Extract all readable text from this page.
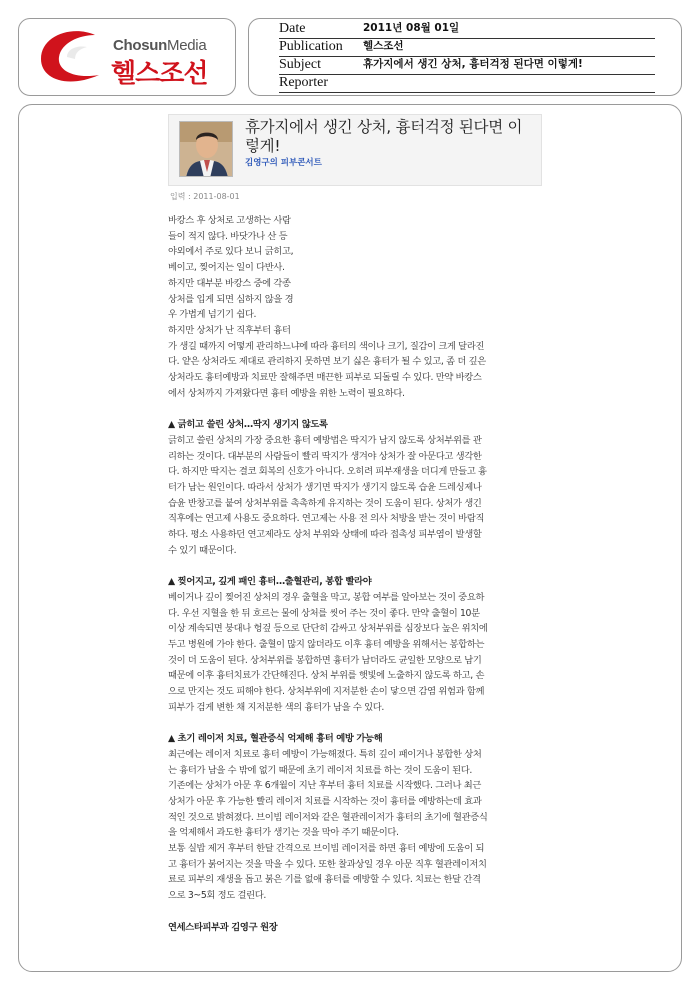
ChosunMedia
헬스조선
Date	2011년 08월 01일
Publication	헬스조선
Subject	휴가지에서 생긴 상처, 흉터걱정 된다면 이렇게!
Reporter
휴가지에서 생긴 상처, 흉터걱정 된다면 이
렇게!
김영구의 피부콘서트
입력 : 2011-08-01

바캉스 후 상처로 고생하는 사람

들이 적지 않다. 바닷가나 산 등

야외에서 주로 있다 보니 긁히고,

베이고, 찢어지는 일이 다반사.

하지만 대부분 바캉스 중에 각종

상처를 입게 되면 심하지 않을 경

우 가볍게 넘기기 쉽다.

하지만 상처가 난 직후부터 흉터

가 생길 때까지 어떻게 관리하느냐에 따라 흉터의 색이나 크기, 질감이 크게 달라진

다. 얕은 상처라도 제대로 관리하지 못하면 보기 싫은 흉터가 될 수 있고, 좀 더 깊은

상처라도 흉터예방과 치료만 잘해주면 매끈한 피부로 되돌릴 수 있다. 만약 바캉스

에서 상처까지 가져왔다면 흉터 예방을 위한 노력이 필요하다.

▲ 긁히고 쓸린 상처…딱지 생기지 않도록

긁히고 쓸린 상처의 가장 중요한 흉터 예방법은 딱지가 남지 않도록 상처부위를 관

리하는 것이다. 대부분의 사람들이 빨리 딱지가 생겨야 상처가 잘 아문다고 생각한

다. 하지만 딱지는 결코 회복의 신호가 아니다. 오히려 피부재생을 더디게 만들고 흉

터가 남는 원인이다. 따라서 상처가 생기면 딱지가 생기지 않도록 습윤 드레싱제나

습윤 반창고를 붙여 상처부위를 촉촉하게 유지하는 것이 도움이 된다. 상처가 생긴

직후에는 연고제 사용도 중요하다. 연고제는 사용 전 의사 처방을 받는 것이 바람직

하다. 평소 사용하던 연고제라도 상처 부위와 상태에 따라 접촉성 피부염이 발생할

수 있기 때문이다.

▲ 찢어지고, 깊게 패인 흉터…출혈관리, 봉합 빨라야

베이거나 깊이 찢어진 상처의 경우 출혈을 막고, 봉합 여부를 알아보는 것이 중요하

다. 우선 지혈을 한 뒤 흐르는 물에 상처를 씻어 주는 것이 좋다. 만약 출혈이 10분

이상 계속되면 붕대나 헝겊 등으로 단단히 감싸고 상처부위를 심장보다 높은 위치에

두고 병원에 가야 한다. 출혈이 많지 않더라도 이후 흉터 예방을 위해서는 봉합하는

것이 더 도움이 된다. 상처부위를 봉합하면 흉터가 남더라도 균일한 모양으로 남기

때문에 이후 흉터치료가 간단해진다. 상처 부위를 햇빛에 노출하지 않도록 하고, 손

으로 만지는 것도 피해야 한다. 상처부위에 지저분한 손이 닿으면 감염 위험과 함께

피부가 검게 변한 채 지저분한 색의 흉터가 남을 수 있다.

▲ 초기 레이저 치료, 혈관증식 억제해 흉터 예방 가능해

최근에는 레이저 치료로 흉터 예방이 가능해졌다. 특히 깊이 패이거나 봉합한 상처

는 흉터가 남을 수 밖에 없기 때문에 초기 레이저 치료를 하는 것이 도움이 된다.

기존에는 상처가 아문 후 6개월이 지난 후부터 흉터 치료를 시작했다. 그러나 최근

상처가 아문 후 가능한 빨리 레이저 치료를 시작하는 것이 흉터를 예방하는데 효과

적인 것으로 밝혀졌다. 브이빔 레이저와 같은 혈관레이저가 흉터의 초기에 혈관증식

을 억제해서 과도한 흉터가 생기는 것을 막아 주기 때문이다.

보통 실밥 제거 후부터 한달 간격으로 브이빔 레이저를 하면 흉터 예방에 도움이 되

고 흉터가 붉어지는 것을 막을 수 있다. 또한 찰과상일 경우 아문 직후 혈관레이저치

료로 피부의 재생을 돕고 붉은 기를 없애 흉터를 예방할 수 있다. 치료는 한달 간격

으로 3~5회 정도 걸린다.

연세스타피부과 김영구 원장
